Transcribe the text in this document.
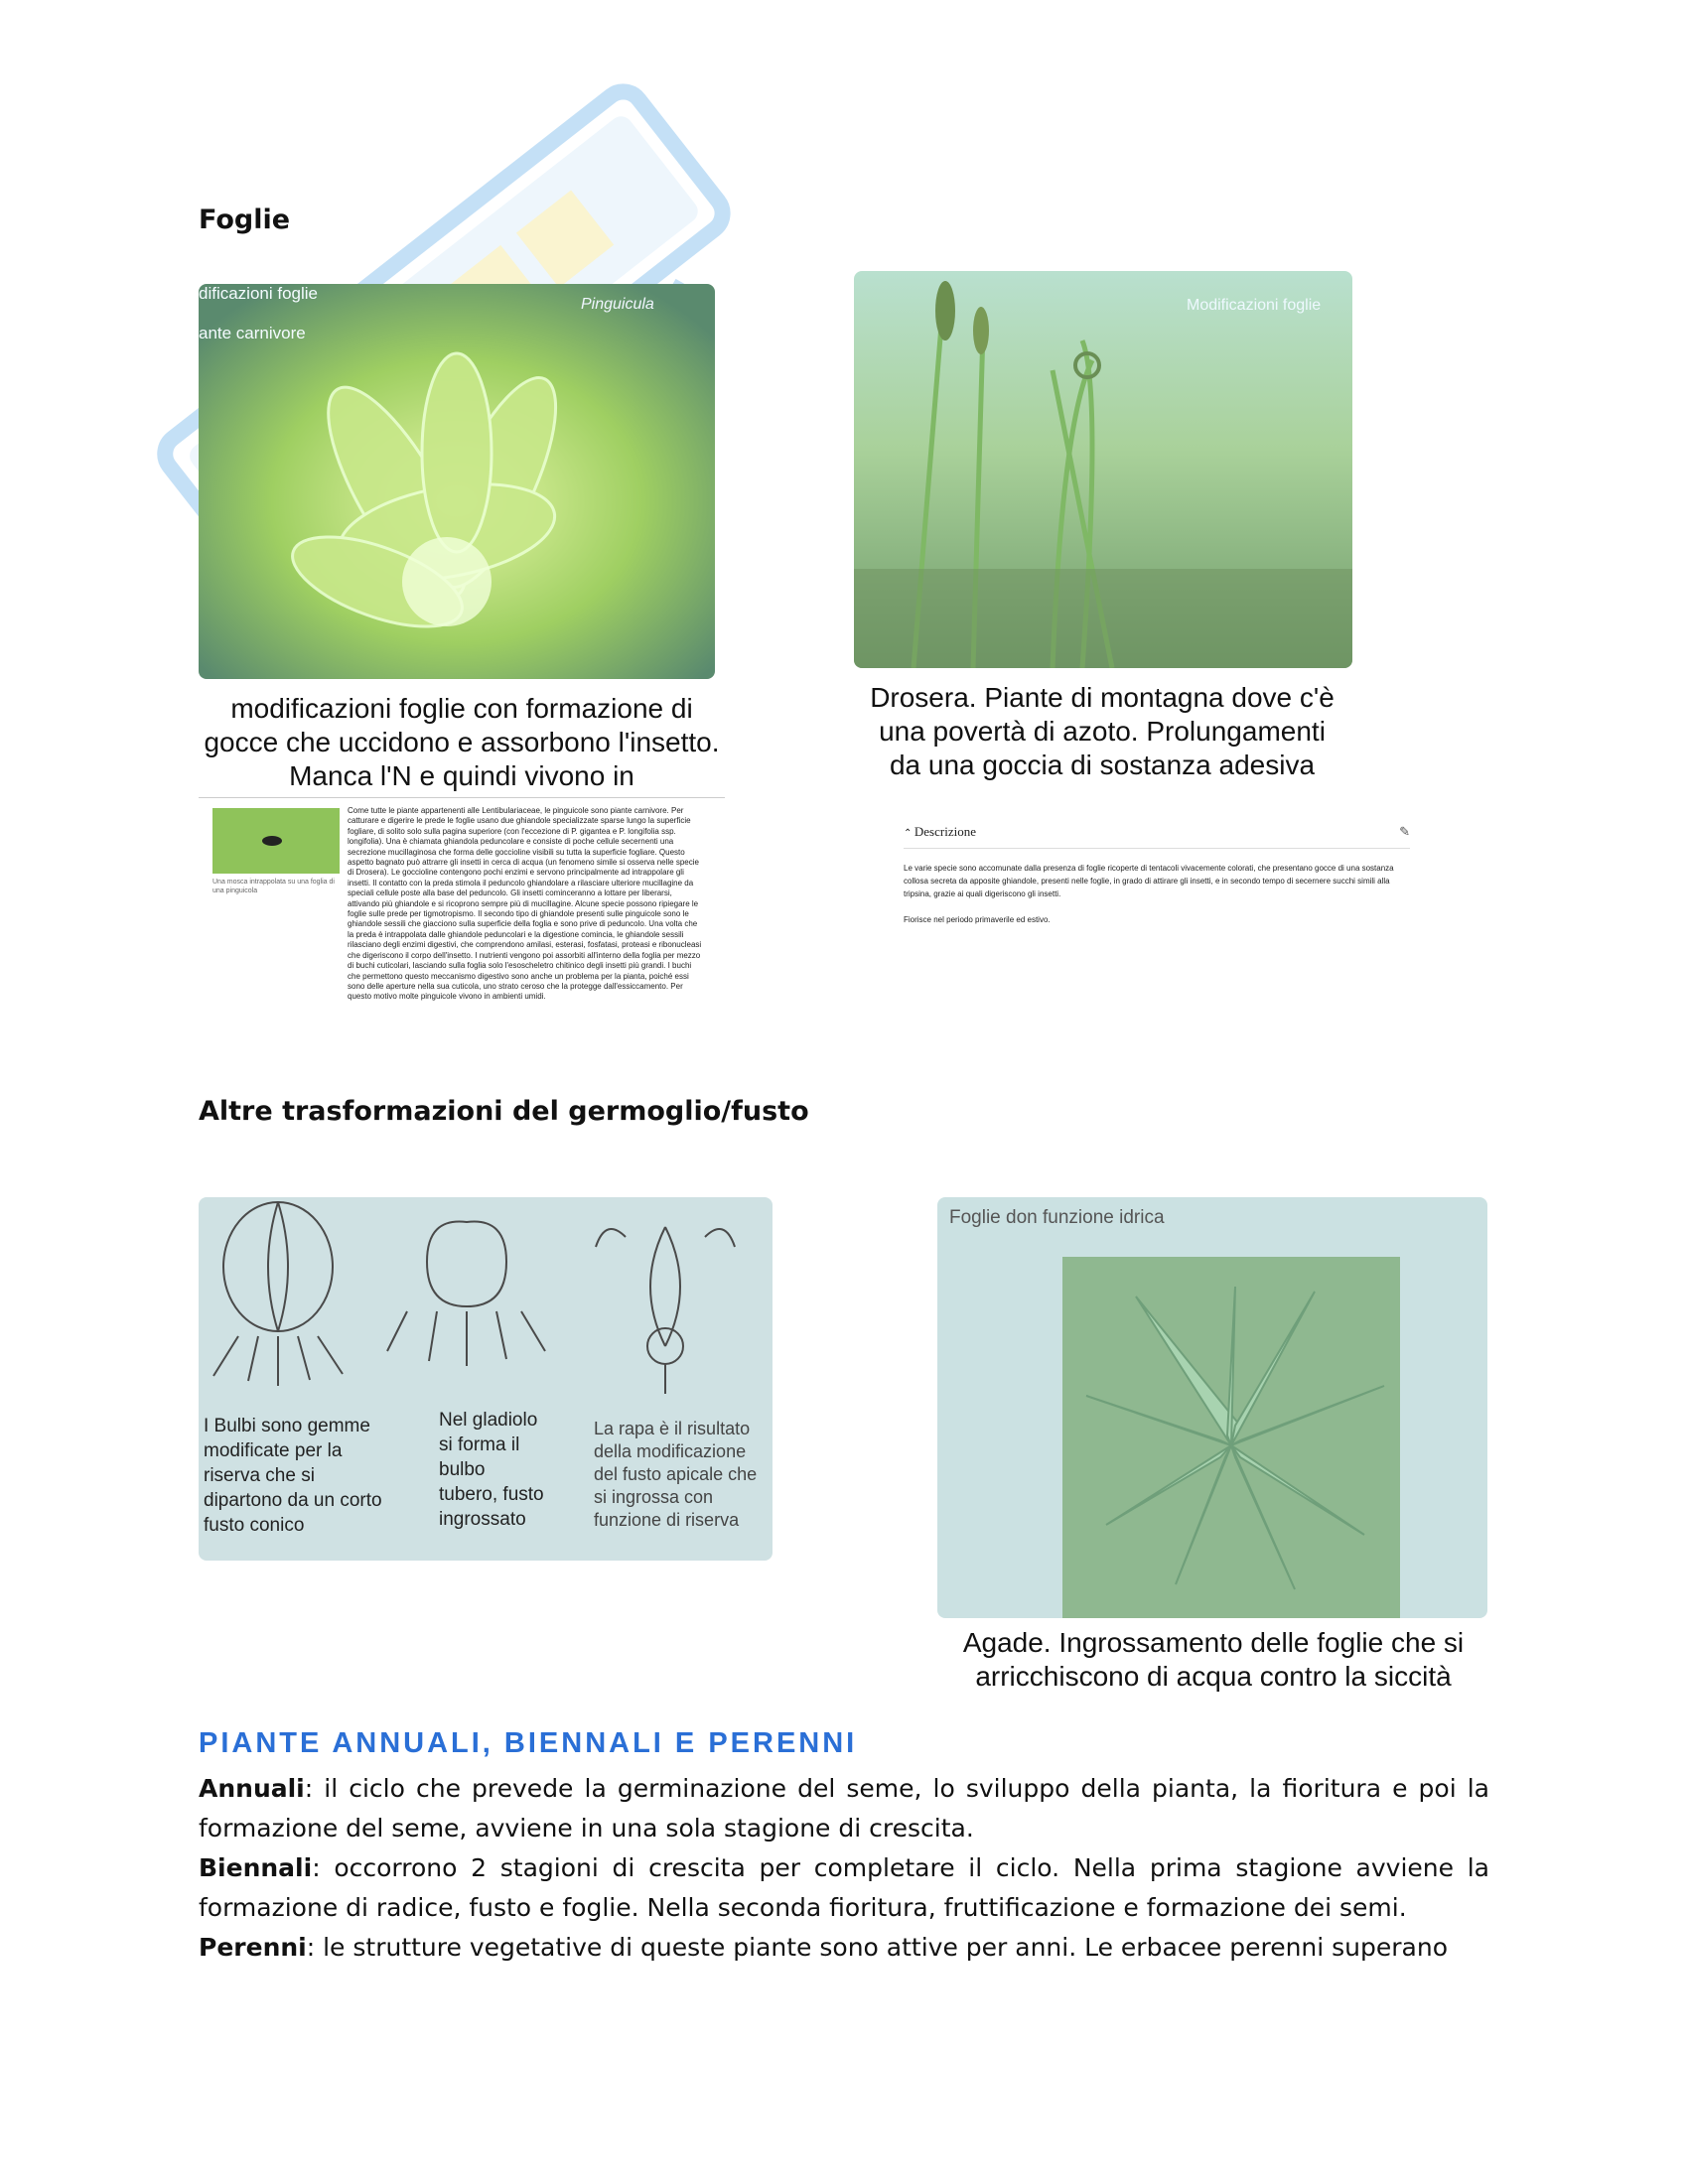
Foglie
dificazioni foglie
ante carnivore
Pinguicula
modificazioni foglie con formazione di gocce che uccidono e assorbono l'insetto. Manca l'N e quindi vivono in
Una mosca intrappolata su una foglia di una pinguicola

Come tutte le piante appartenenti alle Lentibulariaceae, le pinguicole sono piante carnivore. Per catturare e digerire le prede le foglie usano due ghiandole specializzate sparse lungo la superficie fogliare, di solito solo sulla pagina superiore (con l'eccezione di P. gigantea e P. longifolia ssp. longifolia). Una è chiamata ghiandola peduncolare e consiste di poche cellule secernenti una secrezione mucillaginosa che forma delle goccioline visibili su tutta la superficie fogliare. Questo aspetto bagnato può attrarre gli insetti in cerca di acqua (un fenomeno simile si osserva nelle specie di Drosera). Le goccioline contengono pochi enzimi e servono principalmente ad intrappolare gli insetti. Il contatto con la preda stimola il peduncolo ghiandolare a rilasciare ulteriore mucillagine da speciali cellule poste alla base del peduncolo. Gli insetti cominceranno a lottare per liberarsi, attivando più ghiandole e si ricoprono sempre più di mucillagine. Alcune specie possono ripiegare le foglie sulle prede per tigmotropismo. Il secondo tipo di ghiandole presenti sulle pinguicole sono le ghiandole sessili che giacciono sulla superficie della foglia e sono prive di peduncolo. Una volta che la preda è intrappolata dalle ghiandole peduncolari e la digestione comincia, le ghiandole sessili rilasciano degli enzimi digestivi, che comprendono amilasi, esterasi, fosfatasi, proteasi e ribonucleasi che digeriscono il corpo dell'insetto. I nutrienti vengono poi assorbiti all'interno della foglia per mezzo di buchi cuticolari, lasciando sulla foglia solo l'esoscheletro chitinico degli insetti più grandi. I buchi che permettono questo meccanismo digestivo sono anche un problema per la pianta, poiché essi sono delle aperture nella sua cuticola, uno strato ceroso che la protegge dall'essiccamento. Per questo motivo molte pinguicole vivono in ambienti umidi.

Modificazioni foglie
Drosera. Piante di montagna dove c'è una povertà di azoto. Prolungamenti da una goccia di sostanza adesiva
⌃ Descrizione	✎

Le varie specie sono accomunate dalla presenza di foglie ricoperte di tentacoli vivacemente colorati, che presentano gocce di una sostanza collosa secreta da apposite ghiandole, presenti nelle foglie, in grado di attirare gli insetti, e in secondo tempo di secernere succhi simili alla tripsina, grazie ai quali digeriscono gli insetti.

Fiorisce nel periodo primaverile ed estivo.

Altre trasformazioni del germoglio/fusto
I Bulbi sono gemme modificate per la riserva che si dipartono da un corto fusto conico
Nel gladiolo si forma il bulbo tubero, fusto ingrossato
La rapa è il risultato della modificazione del fusto apicale che si ingrossa con funzione di riserva
Foglie don funzione idrica
Agade. Ingrossamento delle foglie che si arricchiscono di acqua contro la siccità
PIANTE ANNUALI, BIENNALI E PERENNI
Annuali: il ciclo che prevede la germinazione del seme, lo sviluppo della pianta, la fioritura e poi la formazione del seme, avviene in una sola stagione di crescita.
Biennali: occorrono 2 stagioni di crescita per completare il ciclo. Nella prima stagione avviene la formazione di radice, fusto e foglie. Nella seconda fioritura, fruttificazione e formazione dei semi.
Perenni: le strutture vegetative di queste piante sono attive per anni. Le erbacee perenni superano
